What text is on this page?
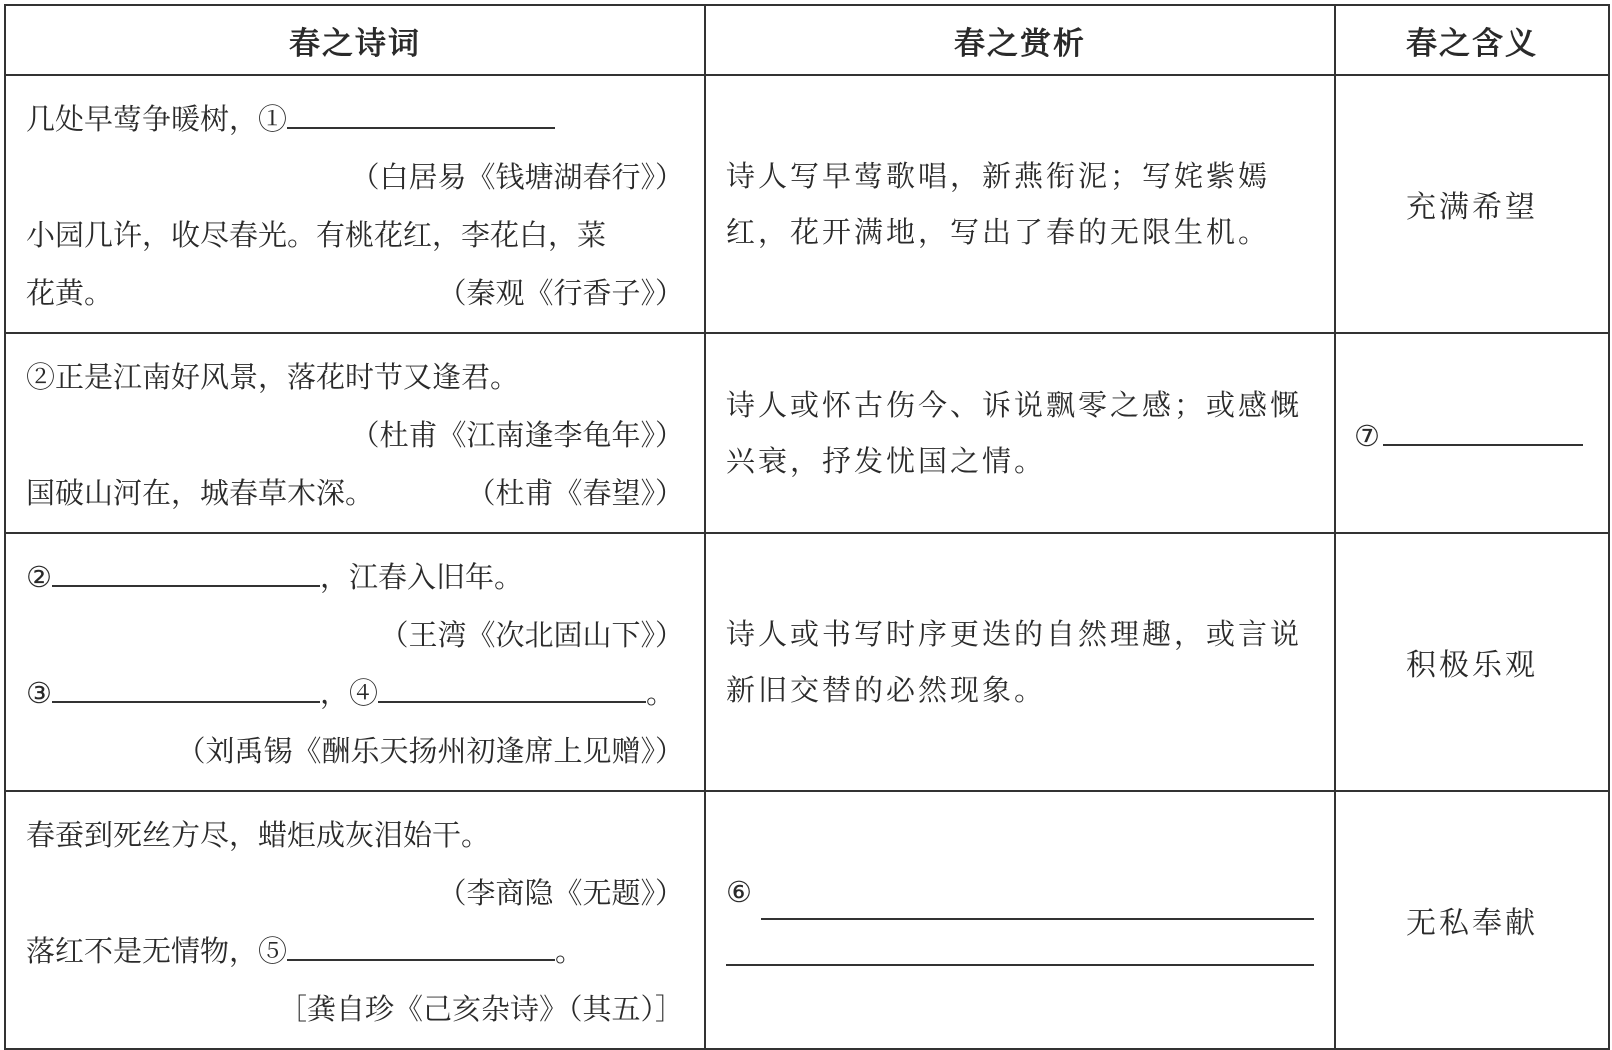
春之诗词	春之赏析	春之含义

几处早莺争暖树，①
（白居易《钱塘湖春行》）
小园几许，收尽春光。有桃花红，李花白，菜
花黄。 （秦观《行香子》）	诗人写早莺歌唱，新燕衔泥；写姹紫嫣红，花开满地，写出了春的无限生机。	充满希望

②正是江南好风景，落花时节又逢君。
（杜甫《江南逢李龟年》）
国破山河在，城春草木深。 （杜甫《春望》）	诗人或怀古伤今、诉说飘零之感；或感慨兴衰，抒发忧国之情。	⑦

② ，江春入旧年。
（王湾《次北固山下》）
③ ，④ 。
（刘禹锡《酬乐天扬州初逢席上见赠》）	诗人或书写时序更迭的自然理趣，或言说新旧交替的必然现象。	积极乐观

春蚕到死丝方尽，蜡炬成灰泪始干。
（李商隐《无题》）
落红不是无情物，⑤ 。
［龚自珍《己亥杂诗》（其五）］	⑥	无私奉献
